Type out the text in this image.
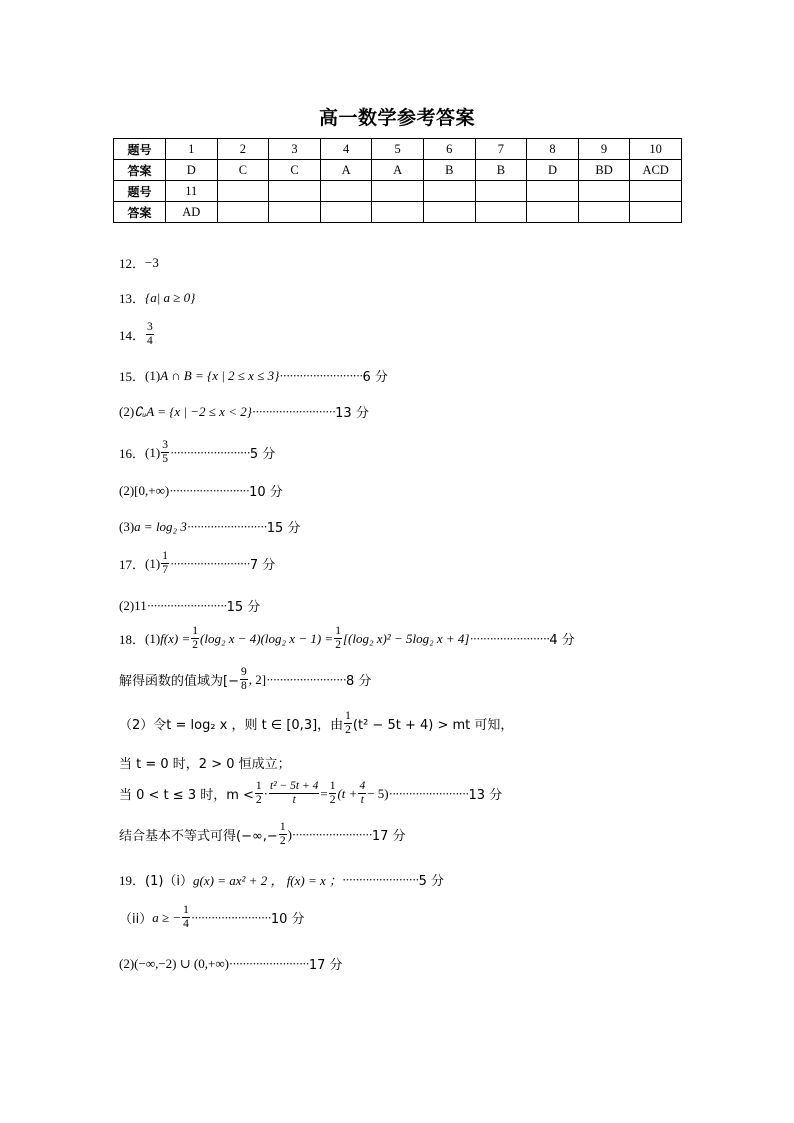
高一数学参考答案
题号	1	2	3	4	5	6	7	8	9	10
答案	D	C	C	A	A	B	B	D	BD	ACD
题号	11									
答案	AD									
12． −3
13． {a| a ≥ 0}
14． $\frac{3}{4}$
15． (1) A ∩ B = {x | 2 ≤ x ≤ 3} ························· 6 分
(2) ∁ᵤA = {x | −2 ≤ x < 2} ························· 13 分
16． $(1) \frac{3}{5}$ ························ 5 分
(2) [0,+∞) ························ 10 分
(3) a = log₂ 3 ························ 15 分
17． $(1) \frac{1}{7}$ ························ 7 分
(2) 11 ························ 15 分
18． (1) $f(x) = \frac{1}{2} (\log_2$ x − 4)(log₂ $x - 1) = \frac{1}{2} [(\log_2$ x)² − 5log₂ x + 4] ························ 4 分
解得函数的值域为[− $\frac{9}{8}$ , 2] ························ 8 分
（2）令 t = log₂ x ，则 t ∈ [0,3]，由 $\frac{1}{2} (t^2 - 5t + 4)$ > mt 可知，
当 t = 0 时，2 > 0 恒成立；
当 0 < t ≤ 3 时，$m < \frac{1}{2} \cdot \frac{\text{t² − 5t + 4}}{t} = \frac{1}{2} (t + \frac{4}{t} - 5)$ ························ 13 分
结合基本不等式可得(−∞,− $\frac{1}{2}$ ) ························ 17 分
19． (1)（i） g(x) = ax² + 2 ， f(x) = x ； ······················· 5 分
（ii） a ≥ − $\frac{1}{4}$ ························ 10 分
(2) (−∞,−2) ∪ (0,+∞) ························ 17 分
